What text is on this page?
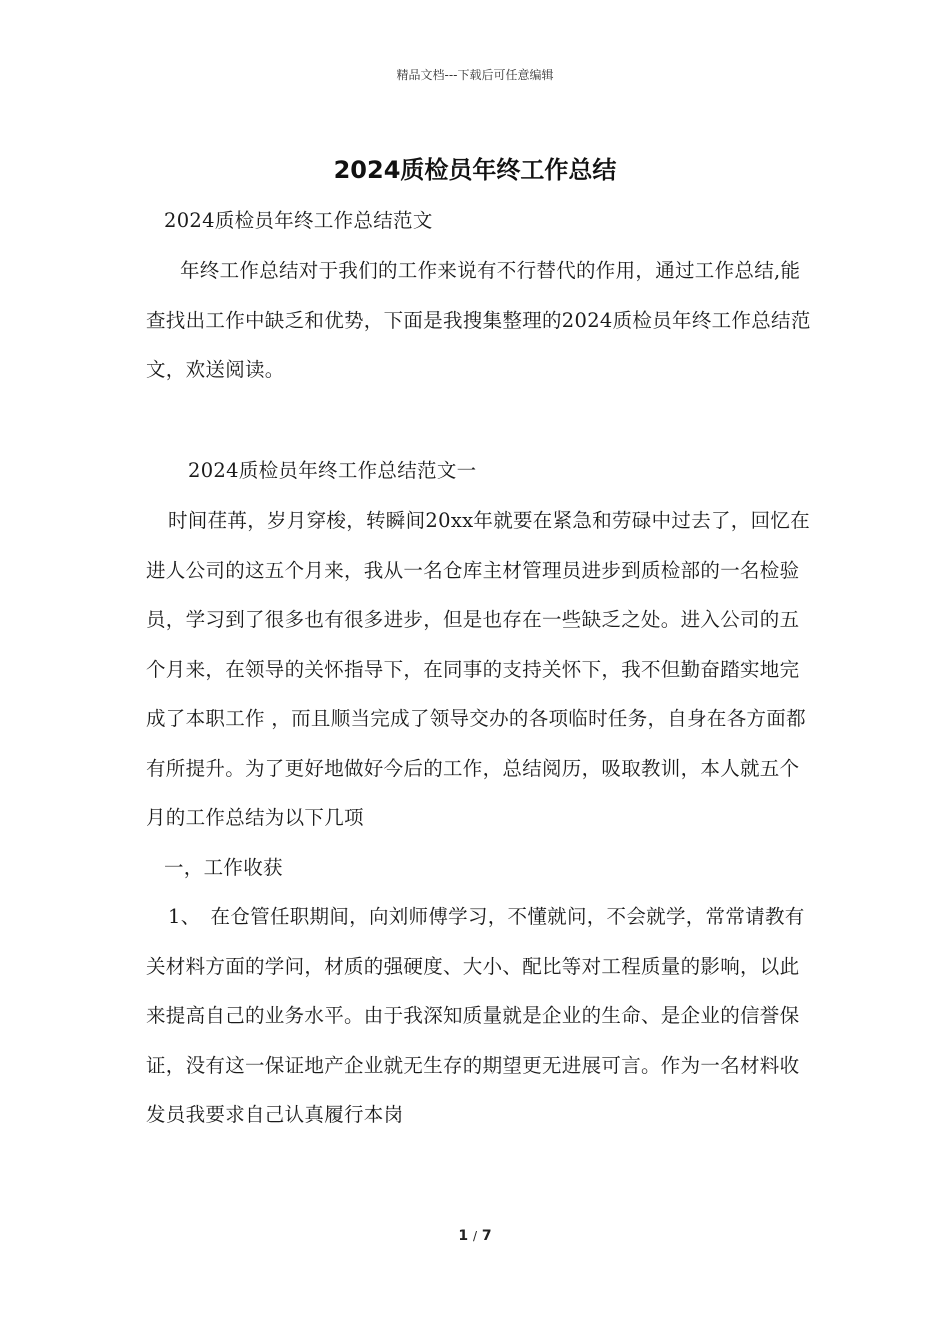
精品文档---下载后可任意编辑
2024质检员年终工作总结

2024质检员年终工作总结范文

年终工作总结对于我们的工作来说有不行替代的作用，通过工作总结,能查找出工作中缺乏和优势，下面是我搜集整理的2024质检员年终工作总结范文，欢送阅读。

2024质检员年终工作总结范文一

时间荏苒，岁月穿梭，转瞬间20xx年就要在紧急和劳碌中过去了，回忆在进人公司的这五个月来，我从一名仓库主材管理员进步到质检部的一名检验员，学习到了很多也有很多进步，但是也存在一些缺乏之处。进入公司的五个月来，在领导的关怀指导下，在同事的支持关怀下，我不但勤奋踏实地完成了本职工作 ，而且顺当完成了领导交办的各项临时任务，自身在各方面都有所提升。为了更好地做好今后的工作，总结阅历，吸取教训，本人就五个月的工作总结为以下几项

一，工作收获

1、　在仓管任职期间，向刘师傅学习，不懂就问，不会就学，常常请教有关材料方面的学问，材质的强硬度、大小、配比等对工程质量的影响，以此来提高自己的业务水平。由于我深知质量就是企业的生命、是企业的信誉保证，没有这一保证地产企业就无生存的期望更无进展可言。作为一名材料收发员我要求自己认真履行本岗

1 / 7
